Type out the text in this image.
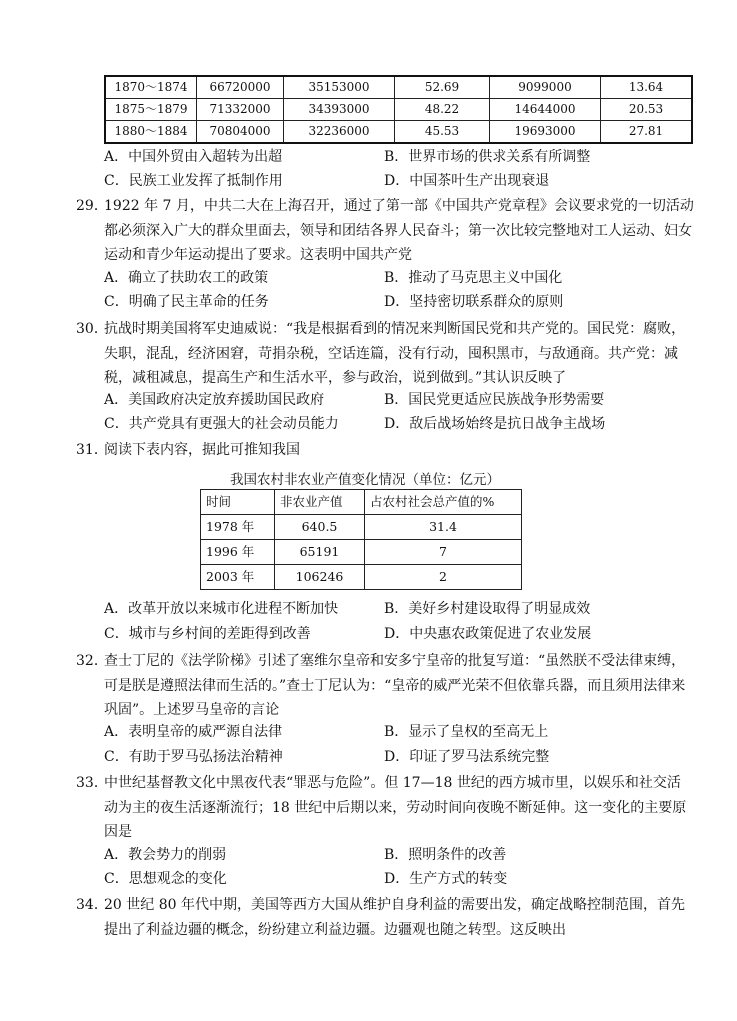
1870～1874	66720000	35153000	52.69	9099000	13.64
1875～1879	71332000	34393000	48.22	14644000	20.53
1880～1884	70804000	32236000	45.53	19693000	27.81
A．中国外贸由入超转为出超	B．世界市场的供求关系有所调整
C．民族工业发挥了抵制作用	D．中国茶叶生产出现衰退
29．
1922 年 7 月，中共二大在上海召开，通过了第一部《中国共产党章程》会议要求党的一切活动都必须深入广大的群众里面去，领导和团结各界人民奋斗；第一次比较完整地对工人运动、妇女运动和青少年运动提出了要求。这表明中国共产党
A．确立了扶助农工的政策	B．推动了马克思主义中国化
C．明确了民主革命的任务	D．坚持密切联系群众的原则
30．
抗战时期美国将军史迪威说：“我是根据看到的情况来判断国民党和共产党的。国民党：腐败，失职，混乱，经济困窘，苛捐杂税，空话连篇，没有行动，囤积黑市，与敌通商。共产党：减税，减租减息，提高生产和生活水平，参与政治，说到做到。”其认识反映了
A．美国政府决定放弃援助国民政府	B．国民党更适应民族战争形势需要
C．共产党具有更强大的社会动员能力	D．敌后战场始终是抗日战争主战场
31．
阅读下表内容，据此可推知我国
我国农村非农业产值变化情况（单位：亿元）
时间	非农业产值	占农村社会总产值的%
1978 年	640.5	31.4
1996 年	65191	7
2003 年	106246	2
A．改革开放以来城市化进程不断加快	B．美好乡村建设取得了明显成效
C．城市与乡村间的差距得到改善	D．中央惠农政策促进了农业发展
32．
查士丁尼的《法学阶梯》引述了塞维尔皇帝和安多宁皇帝的批复写道：“虽然朕不受法律束缚，可是朕是遵照法律而生活的。”查士丁尼认为：“皇帝的威严光荣不但依靠兵器，而且须用法律来巩固”。上述罗马皇帝的言论
A．表明皇帝的威严源自法律	B．显示了皇权的至高无上
C．有助于罗马弘扬法治精神	D．印证了罗马法系统完整
33．
中世纪基督教文化中黑夜代表“罪恶与危险”。但 17—18 世纪的西方城市里，以娱乐和社交活动为主的夜生活逐渐流行；18 世纪中后期以来，劳动时间向夜晚不断延伸。这一变化的主要原因是
A．教会势力的削弱	B．照明条件的改善
C．思想观念的变化	D．生产方式的转变
34．
20 世纪 80 年代中期，美国等西方大国从维护自身利益的需要出发，确定战略控制范围，首先提出了利益边疆的概念，纷纷建立利益边疆。边疆观也随之转型。这反映出
